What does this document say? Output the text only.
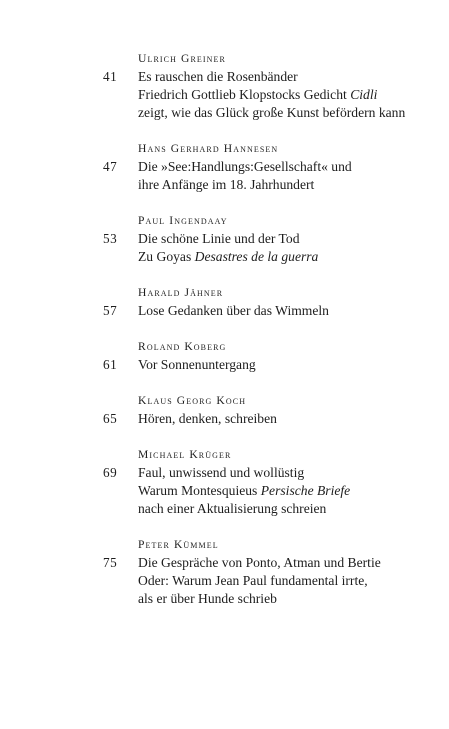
Ulrich Greiner
41 Es rauschen die Rosenbänder
Friedrich Gottlieb Klopstocks Gedicht Cidli
zeigt, wie das Glück große Kunst befördern kann
Hans Gerhard Hannesen
47 Die »See:Handlungs:Gesellschaft« und
ihre Anfänge im 18. Jahrhundert
Paul Ingendaay
53 Die schöne Linie und der Tod
Zu Goyas Desastres de la guerra
Harald Jähner
57 Lose Gedanken über das Wimmeln
Roland Koberg
61 Vor Sonnenuntergang
Klaus Georg Koch
65 Hören, denken, schreiben
Michael Krüger
69 Faul, unwissend und wollüstig
Warum Montesquieus Persische Briefe
nach einer Aktualisierung schreien
Peter Kümmel
75 Die Gespräche von Ponto, Atman und Bertie
Oder: Warum Jean Paul fundamental irrte,
als er über Hunde schrieb
